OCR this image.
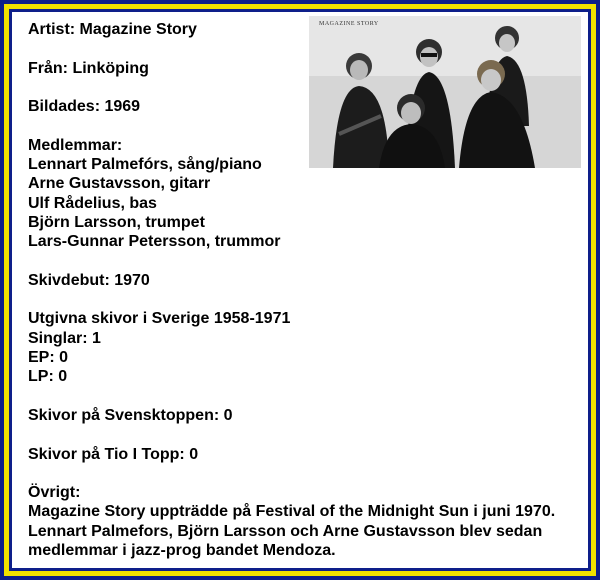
MAGAZINE STORY
Artist: Magazine Story
Från: Linköping
Bildades: 1969
Medlemmar:
Lennart Palmefórs, sång/piano
Arne Gustavsson, gitarr
Ulf Rådelius, bas
Björn Larsson, trumpet
Lars-Gunnar Petersson, trummor
Skivdebut: 1970
Utgivna skivor i Sverige 1958-1971
Singlar: 1
EP: 0
LP: 0
Skivor på Svensktoppen: 0
Skivor på Tio I Topp: 0
Övrigt:
Magazine Story uppträdde på Festival of the Midnight Sun i juni 1970. Lennart Palmefors, Björn Larsson och Arne Gustavsson blev sedan medlemmar i jazz-prog bandet Mendoza.
